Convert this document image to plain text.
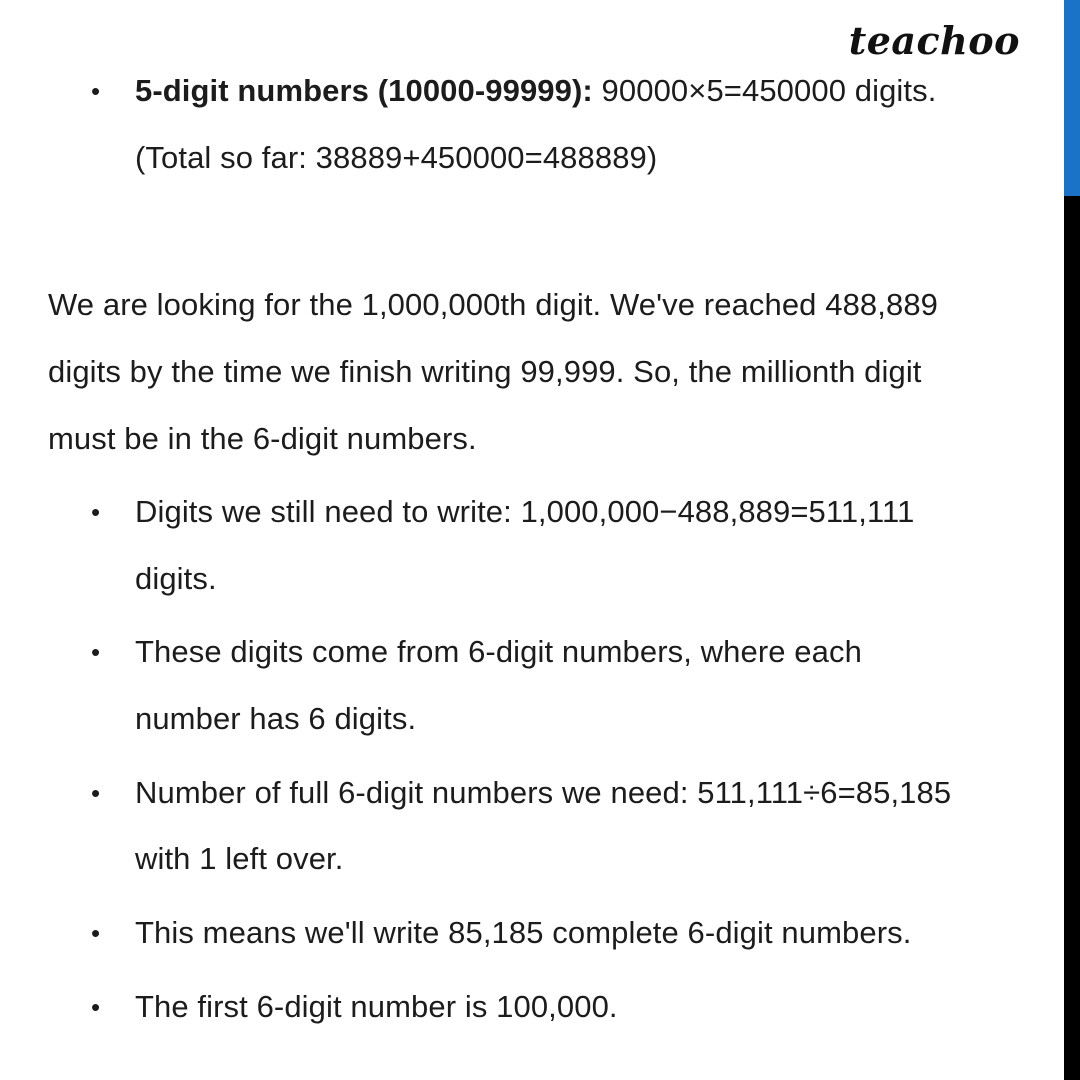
teachoo
• 5-digit numbers (10000-99999): 90000×5=450000 digits.
(Total so far: 38889+450000=488889)
We are looking for the 1,000,000th digit. We've reached 488,889
digits by the time we finish writing 99,999. So, the millionth digit
must be in the 6-digit numbers.
• Digits we still need to write: 1,000,000−488,889=511,111
digits.
• These digits come from 6-digit numbers, where each
number has 6 digits.
• Number of full 6-digit numbers we need: 511,111÷6=85,185
with 1 left over.
• This means we'll write 85,185 complete 6-digit numbers.
• The first 6-digit number is 100,000.
